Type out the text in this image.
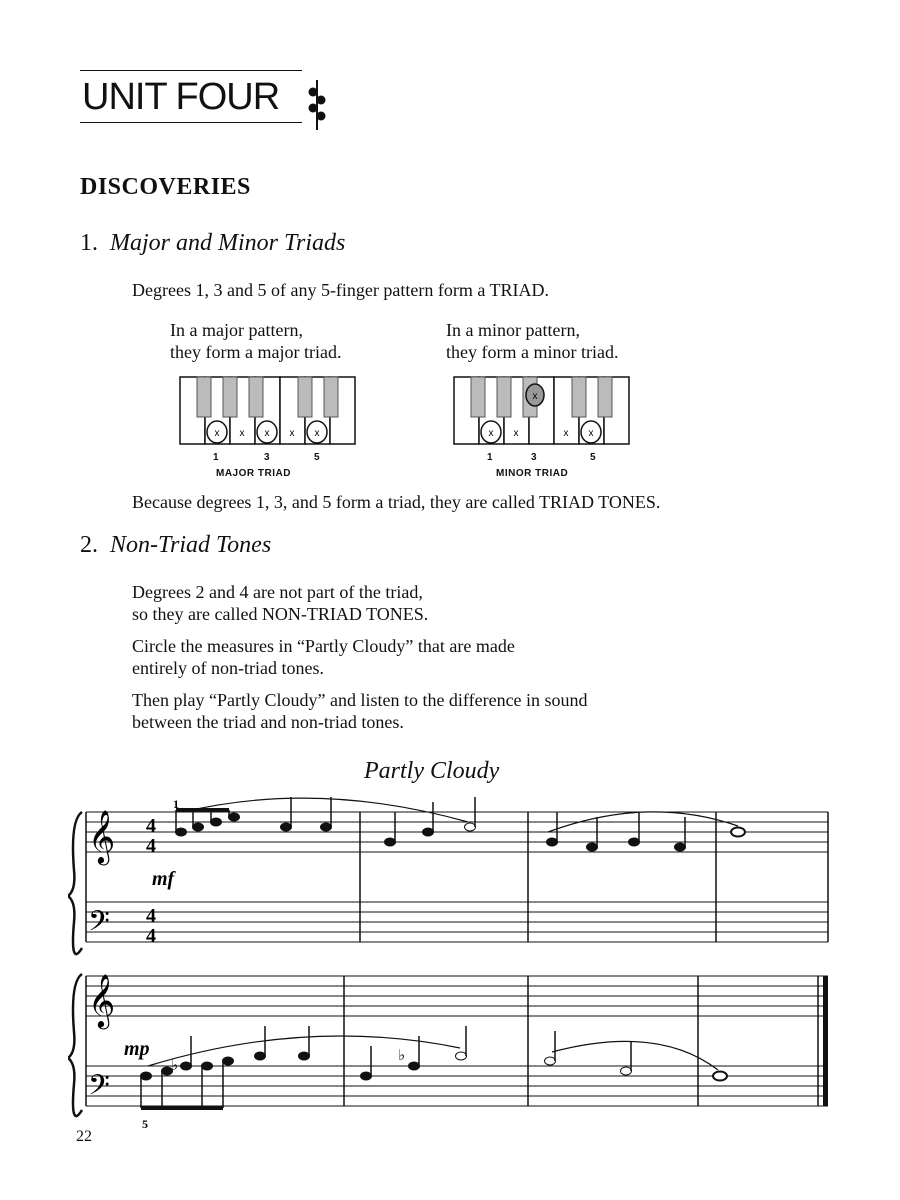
UNIT FOUR
DISCOVERIES
1. Major and Minor Triads
Degrees 1, 3 and 5 of any 5-finger pattern form a TRIAD.
In a major pattern,
they form a major triad.
In a minor pattern,
they form a minor triad.
x x x x x
1	3	5
MAJOR TRIAD
x x
x
x x
1	3	5
MINOR TRIAD
Because degrees 1, 3, and 5 form a triad, they are called TRIAD TONES.
2. Non-Triad Tones
Degrees 2 and 4 are not part of the triad,
so they are called NON-TRIAD TONES.
Circle the measures in “Partly Cloudy” that are made
entirely of non-triad tones.
Then play “Partly Cloudy” and listen to the difference in sound
between the triad and non-triad tones.
Partly Cloudy
𝄞
𝄢
4
4
4
4
1
mf
𝄞
𝄢
♭
♭
mp
5
22
